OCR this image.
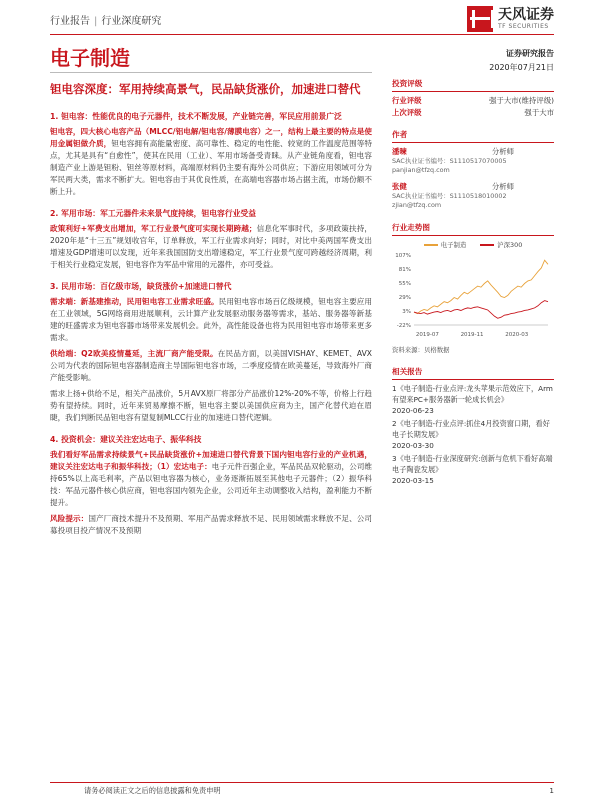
行业报告 | 行业深度研究	天风证券
TF SECURITIES
电子制造	证券研究报告
2020年07月21日
钽电容深度：军用持续高景气，民品缺货涨价，加速进口替代
1. 钽电容：性能优良的电子元器件，技术不断发展，产业链完善，军民应用前景广泛

钽电容，四大核心电容产品（MLCC/铝电解/钽电容/薄膜电容）之一，结构上最主要的特点是使用金属钽做介质，钽电容拥有高能量密度、高可靠性、稳定的电性能、较宽的工作温度范围等特点，尤其是具有“自愈性”，使其在民用（工业）、军用市场备受青睐。从产业链角度看，钽电容制造产业上游是钽粉、钽丝等原材料，高端原材料仍主要有海外公司供应；下游应用领域可分为军民两大类，需求不断扩大。钽电容由于其优良性质，在高端电容器市场占据主流，市场份额不断上升。

2. 军用市场：军工元器件未来景气度持续，钽电容行业受益

政策利好+军费支出增加，军工行业景气度可实现长期跨越；信息化军事时代，多项政策扶持，2020年是“十三五”规划收官年，订单释放，军工行业需求向好；同时，对比中美两国军费支出增速及GDP增速可以发现，近年来我国国防支出增速稳定，军工行业景气度可跨越经济周期，利于相关行业稳定发展，钽电容作为军品中常用的元器件，亦可受益。

3. 民用市场：百亿级市场，缺货涨价+加速进口替代

需求端：新基建推动，民用钽电容工业需求旺盛。民用钽电容市场百亿级规模，钽电容主要应用在工业领域，5G网络商用进展顺利，云计算产业发展驱动服务器等需求，基站、服务器等新基建的旺盛需求为钽电容器市场带来发展机会。此外，高性能设备也将为民用钽电容市场带来更多需求。

供给端：Q2欧美疫情蔓延，主流厂商产能受限。在民品方面，以美国VISHAY、KEMET、AVX公司为代表的国际钽电容器制造商主导国际钽电容市场，二季度疫情在欧美蔓延，导致海外厂商产能受影响。

需求上扬+供给不足，相关产品涨价，5月AVX原厂将部分产品涨价12%-20%不等，价格上行趋势有望持续。同时，近年来贸易摩擦不断，钽电容主要以美国供应商为主，国产化替代迫在眉睫，我们判断民品钽电容有望复制MLCC行业的加速进口替代逻辑。

4. 投资机会：建议关注宏达电子、振华科技

我们看好军品需求持续景气+民品缺货涨价+加速进口替代背景下国内钽电容行业的产业机遇，建议关注宏达电子和振华科技；（1）宏达电子：电子元件百强企业，军品民品双轮驱动，公司维持65%以上高毛利率，产品以钽电容器为核心，业务逐渐拓展至其他电子元器件；（2）振华科技：军品元器件核心供应商，钽电容国内领先企业，公司近年主动调整收入结构，盈利能力不断提升。

风险提示：国产厂商技术提升不及预期、军用产品需求释放不足、民用领域需求释放不足、公司募投项目投产情况不及预期

投资评级
行业评级	强于大市(维持评级)
上次评级	强于大市
作者
潘暕	分析师
SAC执业证书编号：S1110517070005
panjian@tfzq.com
张健	分析师
SAC执业证书编号：S1110518010002
zjian@tfzq.com
行业走势图
电子制造	沪深300
107%
81%
55%
29%
3%
-22%
2019-07	2019-11	2020-03
资料来源：贝格数据
相关报告
1《电子制造-行业点评:龙头苹果示范效应下，Arm有望来PC+服务器新一轮成长机会》
2020-06-23
2《电子制造-行业点评:抓住4月投资窗口期，看好电子长期发展》
2020-03-30
3《电子制造-行业深度研究:创新与危机下看好高端电子陶瓷发展》
2020-03-15
请务必阅读正文之后的信息披露和免责申明	1
